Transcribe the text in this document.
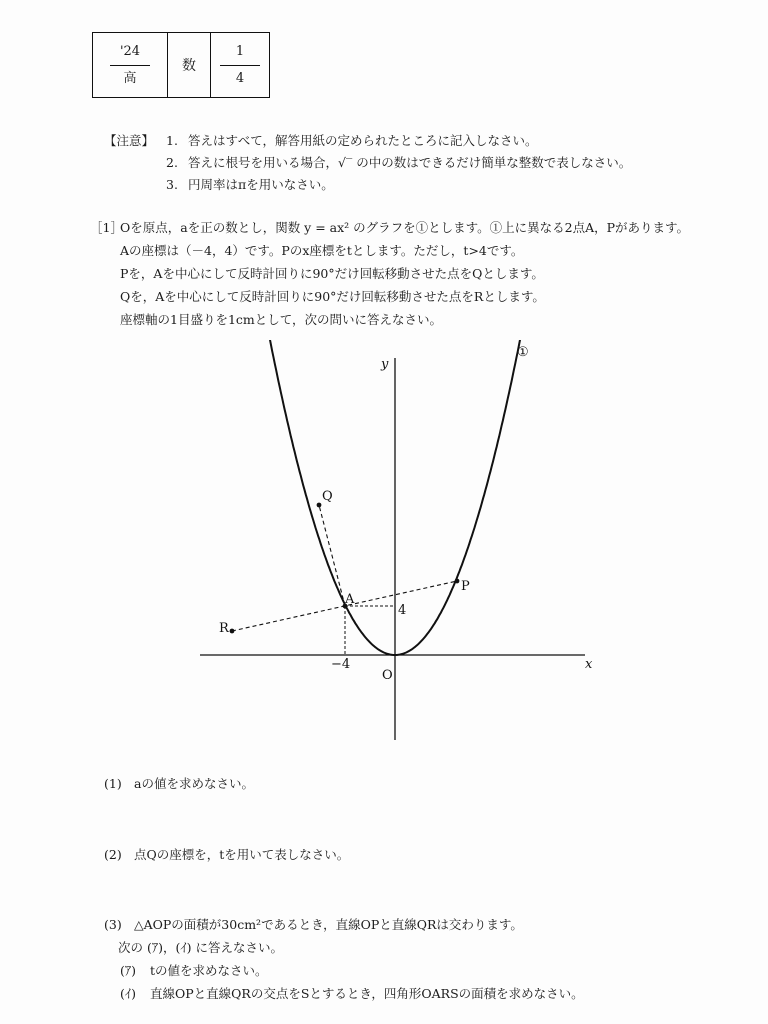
'24
高
数
1
4
【注意】 1. 答えはすべて，解答用紙の定められたところに記入しなさい。
2. 答えに根号を用いる場合，√‾ の中の数はできるだけ簡単な整数で表しなさい。
3. 円周率はπを用いなさい。
［1］Oを原点，aを正の数とし，関数 y = ax² のグラフを①とします。①上に異なる2点A，Pがあります。
Aの座標は（－4，4）です。Pのx座標をtとします。ただし，t>4です。
Pを，Aを中心にして反時計回りに90°だけ回転移動させた点をQとします。
Qを，Aを中心にして反時計回りに90°だけ回転移動させた点をRとします。
座標軸の1目盛りを1cmとして，次の問いに答えなさい。
①
y
x
O
A
P
Q
R
4
−4
(1) aの値を求めなさい。
(2) 点Qの座標を，tを用いて表しなさい。
(3) △AOPの面積が30cm²であるとき，直線OPと直線QRは交わります。
次の (ｱ)，(ｲ) に答えなさい。
(ｱ) tの値を求めなさい。
(ｲ) 直線OPと直線QRの交点をSとするとき，四角形OARSの面積を求めなさい。
